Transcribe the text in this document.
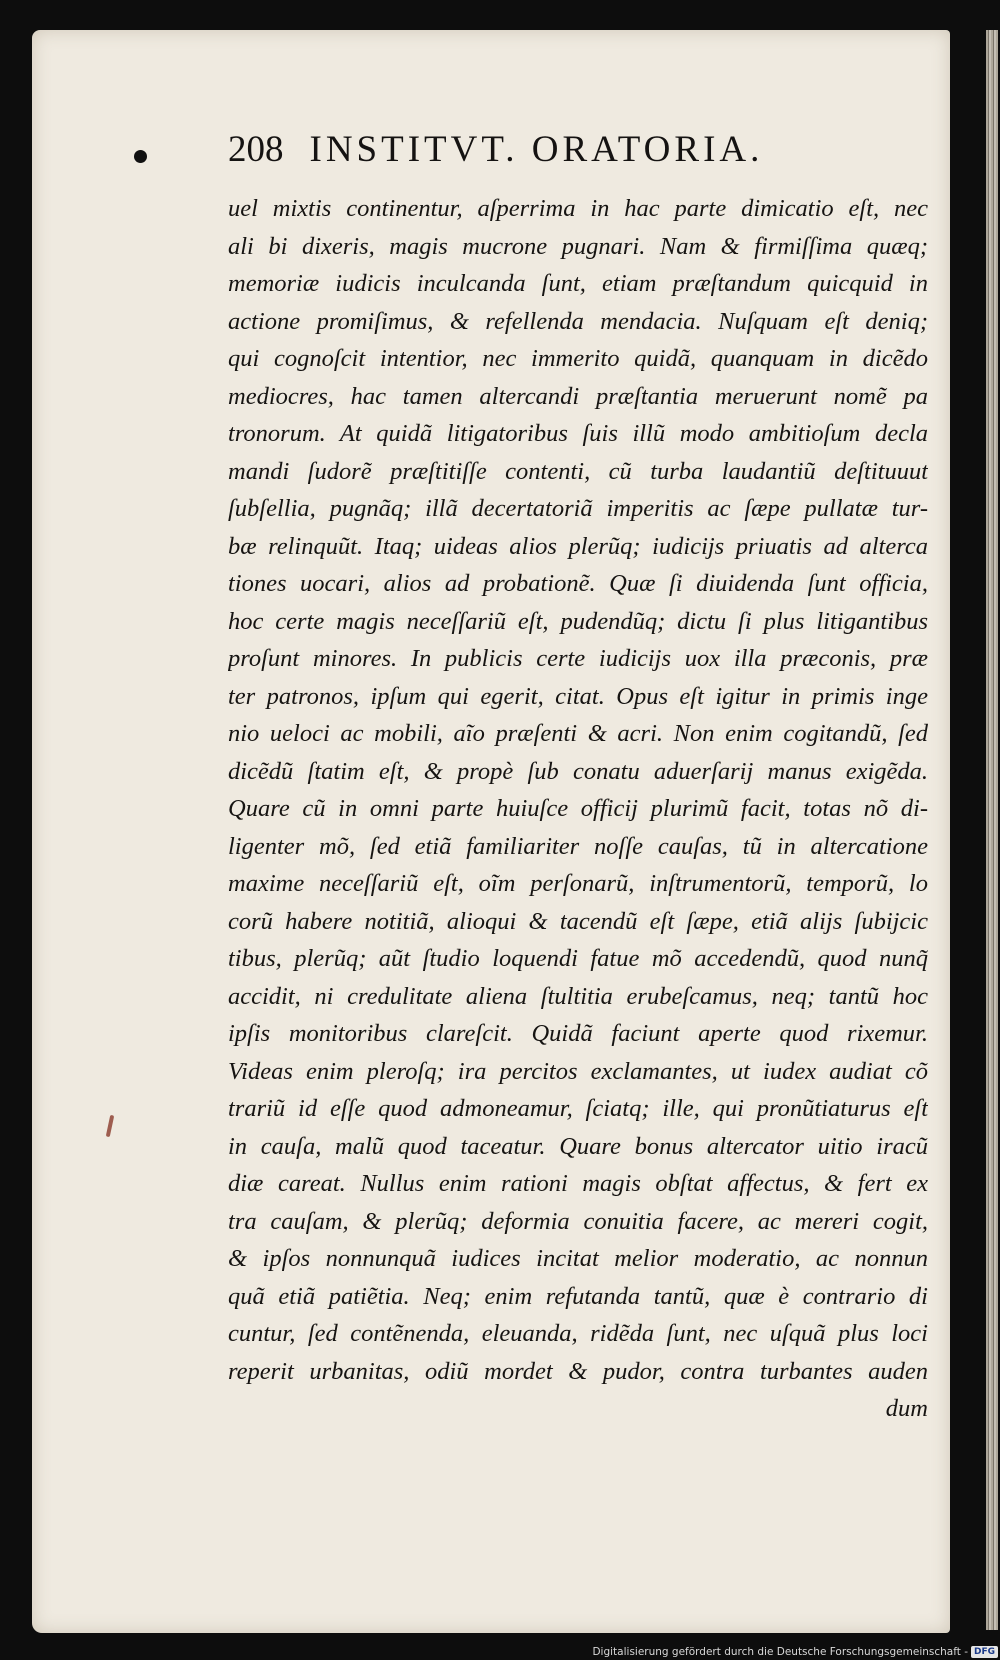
208 INSTITVT. ORATORIA.
uel mixtis continentur, aſperrima in hac parte dimicatio eſt, nec
ali bi dixeris, magis mucrone pugnari. Nam & firmiſſima quæq;
memoriæ iudicis inculcanda ſunt, etiam præſtandum quicquid in
actione promiſimus, & refellenda mendacia. Nuſquam eſt deniq;
qui cognoſcit intentior, nec immerito quidã, quanquam in dicẽdo
mediocres, hac tamen altercandi præſtantia meruerunt nomẽ pa
tronorum. At quidã litigatoribus ſuis illũ modo ambitioſum decla
mandi ſudorẽ præſtitiſſe contenti, cũ turba laudantiũ deſtituuut
ſubſellia, pugnãq; illã decertatoriã imperitis ac ſæpe pullatæ tur-
bæ relinquũt. Itaq; uideas alios plerũq; iudicijs priuatis ad alterca
tiones uocari, alios ad probationẽ. Quæ ſi diuidenda ſunt officia,
hoc certe magis neceſſariũ eſt, pudendũq; dictu ſi plus litigantibus
proſunt minores. In publicis certe iudicijs uox illa præconis, præ
ter patronos, ipſum qui egerit, citat. Opus eſt igitur in primis inge
nio ueloci ac mobili, aĩo præſenti & acri. Non enim cogitandũ, ſed
dicẽdũ ſtatim eſt, & propè ſub conatu aduerſarij manus exigẽda.
Quare cũ in omni parte huiuſce officij plurimũ facit, totas nõ di-
ligenter mõ, ſed etiã familiariter noſſe cauſas, tũ in altercatione
maxime neceſſariũ eſt, oĩm perſonarũ, inſtrumentorũ, temporũ, lo
corũ habere notitiã, alioqui & tacendũ eſt ſæpe, etiã alijs ſubijcic
tibus, plerũq; aũt ſtudio loquendi fatue mõ accedendũ, quod nunq̃
accidit, ni credulitate aliena ſtultitia erubeſcamus, neq; tantũ hoc
ipſis monitoribus clareſcit. Quidã faciunt aperte quod rixemur.
Videas enim pleroſq; ira percitos exclamantes, ut iudex audiat cõ
trariũ id eſſe quod admoneamur, ſciatq; ille, qui pronũtiaturus eſt
in cauſa, malũ quod taceatur. Quare bonus altercator uitio iracũ
diæ careat. Nullus enim rationi magis obſtat affectus, & fert ex
tra cauſam, & plerũq; deformia conuitia facere, ac mereri cogit,
& ipſos nonnunquã iudices incitat melior moderatio, ac nonnun
quã etiã patiẽtia. Neq; enim refutanda tantũ, quæ è contrario di
cuntur, ſed contẽnenda, eleuanda, ridẽda ſunt, nec uſquã plus loci
reperit urbanitas, odiũ mordet & pudor, contra turbantes auden
dum
Digitalisierung gefördert durch die Deutsche Forschungsgemeinschaft - DFG
